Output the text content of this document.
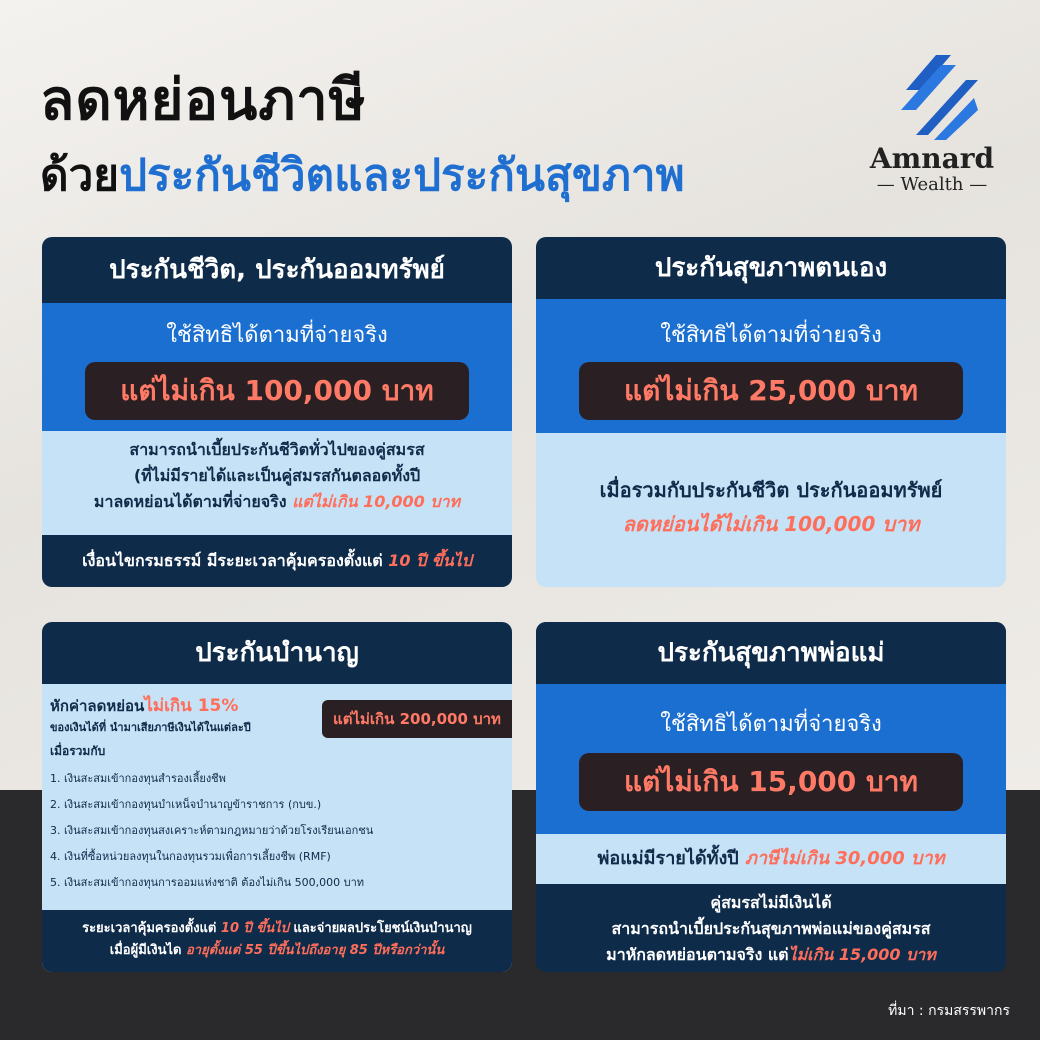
ลดหย่อนภาษี
ด้วยประกันชีวิตและประกันสุขภาพ	Amnard
— Wealth —
ประกันชีวิต, ประกันออมทรัพย์
ใช้สิทธิได้ตามที่จ่ายจริง
แต่ไม่เกิน 100,000 บาท
สามารถนำเบี้ยประกันชีวิตทั่วไปของคู่สมรส
(ที่ไม่มีรายได้และเป็นคู่สมรสกันตลอดทั้งปี
มาลดหย่อนได้ตามที่จ่ายจริง แต่ไม่เกิน 10,000 บาท
เงื่อนไขกรมธรรม์ มีระยะเวลาคุ้มครองตั้งแต่ 10 ปี ขึ้นไป
ประกันสุขภาพตนเอง
ใช้สิทธิได้ตามที่จ่ายจริง
แต่ไม่เกิน 25,000 บาท
เมื่อรวมกับประกันชีวิต ประกันออมทรัพย์
ลดหย่อนได้ไม่เกิน 100,000 บาท
ประกันบำนาญ
หักค่าลดหย่อนไม่เกิน 15%
ของเงินได้ที่ นำมาเสียภาษีเงินได้ในแต่ละปี	แต่ไม่เกิน 200,000 บาท
เมื่อรวมกับ
1. เงินสะสมเข้ากองทุนสำรองเลี้ยงชีพ
2. เงินสะสมเข้ากองทุนบำเหน็จบำนาญข้าราชการ (กบข.)
3. เงินสะสมเข้ากองทุนสงเคราะห์ตามกฎหมายว่าด้วยโรงเรียนเอกชน
4. เงินที่ซื้อหน่วยลงทุนในกองทุนรวมเพื่อการเลี้ยงชีพ (RMF)
5. เงินสะสมเข้ากองทุนการออมแห่งชาติ ต้องไม่เกิน 500,000 บาท
ระยะเวลาคุ้มครองตั้งแต่ 10 ปี ขึ้นไป และจ่ายผลประโยชน์เงินบำนาญ
เมื่อผู้มีเงินได อายุตั้งแต่ 55 ปีขึ้นไปถึงอายุ 85 ปีหรือกว่านั้น
ประกันสุขภาพพ่อแม่
ใช้สิทธิได้ตามที่จ่ายจริง
แต่ไม่เกิน 15,000 บาท
พ่อแม่มีรายได้ทั้งปี ภาษีไม่เกิน 30,000 บาท
คู่สมรสไม่มีเงินได้
สามารถนำเบี้ยประกันสุขภาพพ่อแม่ของคู่สมรส
มาหักลดหย่อนตามจริง แต่ไม่เกิน 15,000 บาท
ที่มา : กรมสรรพากร
